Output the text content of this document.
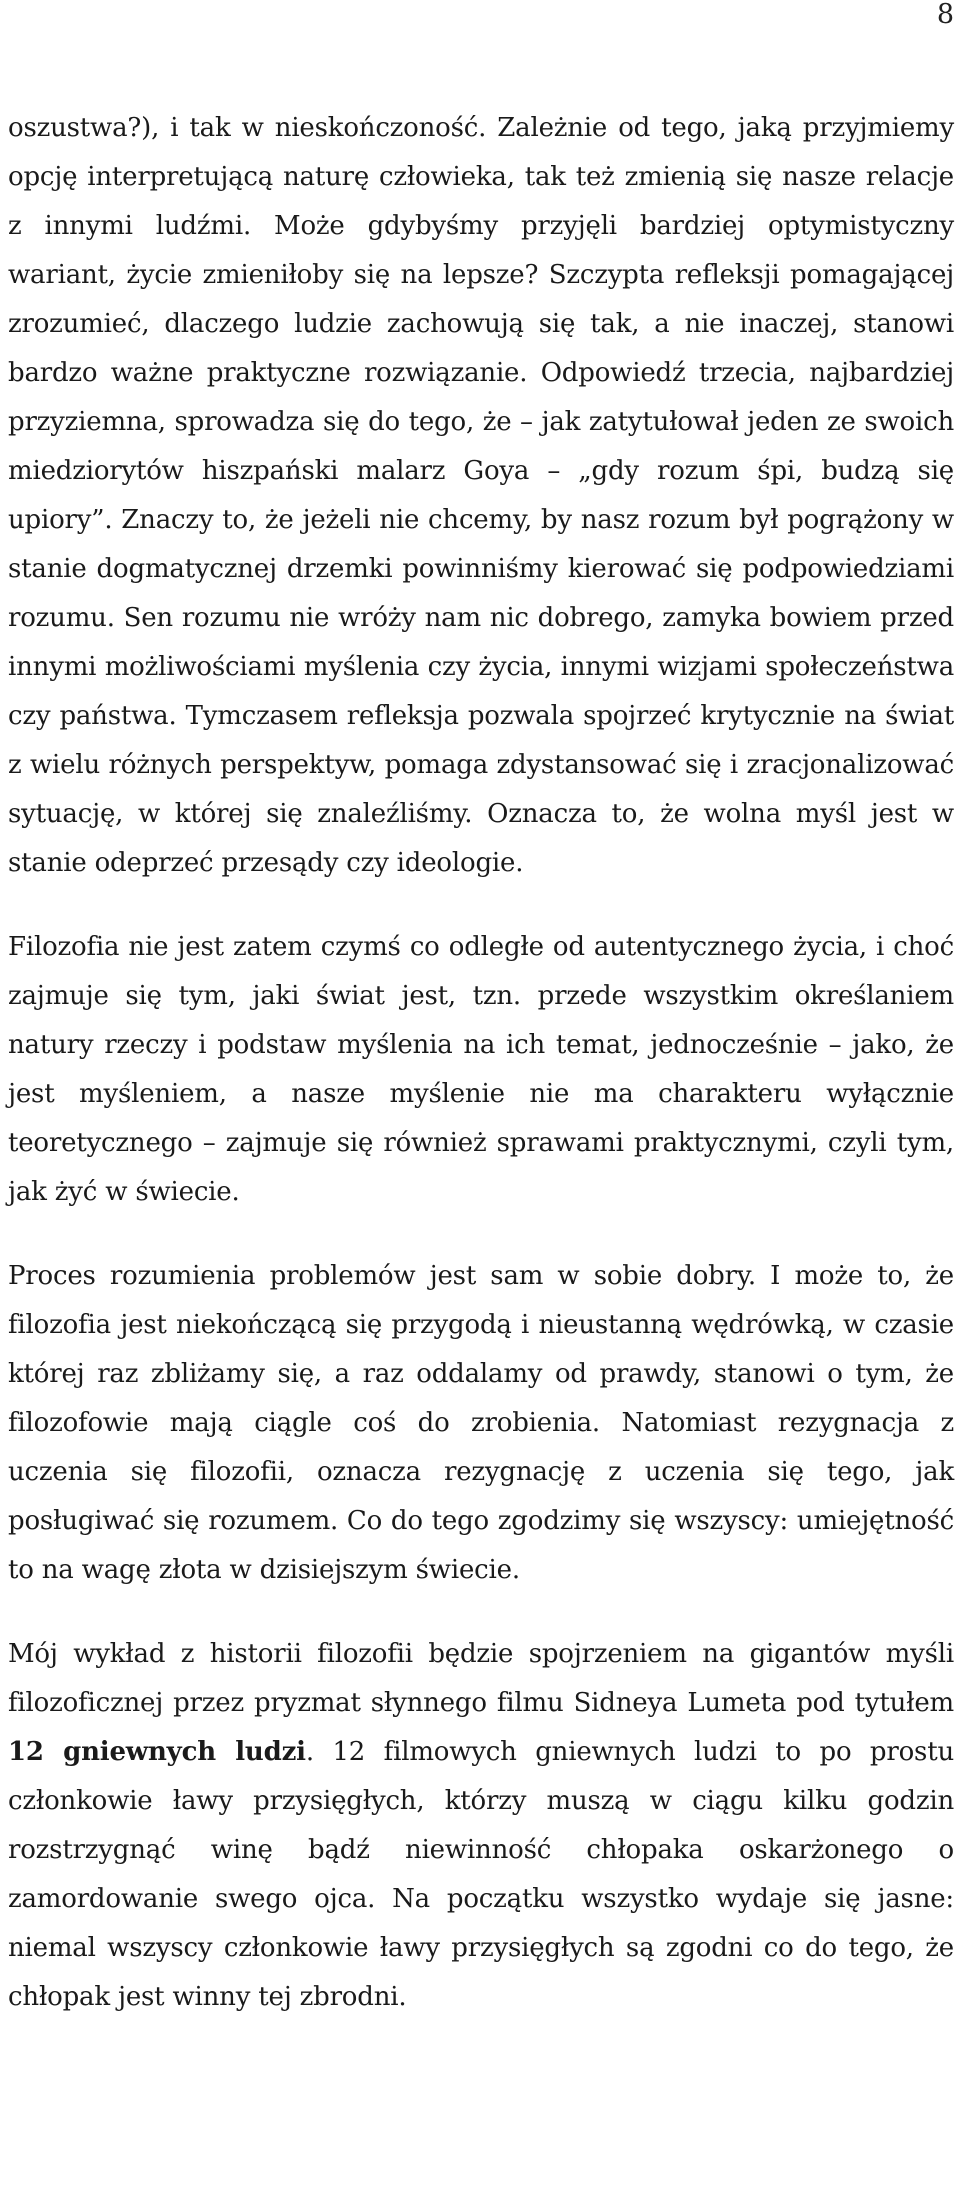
8

oszustwa?), i tak w nieskończoność. Zależnie od tego, jaką przyjmiemy opcję interpretującą naturę człowieka, tak też zmienią się nasze relacje z innymi ludźmi. Może gdybyśmy przyjęli bardziej optymistyczny wariant, życie zmieniłoby się na lepsze? Szczypta refleksji pomagającej zrozumieć, dlaczego ludzie zachowują się tak, a nie inaczej, stanowi bardzo ważne praktyczne rozwiązanie. Odpowiedź trzecia, najbardziej przyziemna, sprowadza się do tego, że – jak zatytułował jeden ze swoich miedziorytów hiszpański malarz Goya – „gdy rozum śpi, budzą się upiory”. Znaczy to, że jeżeli nie chcemy, by nasz rozum był pogrążony w stanie dogmatycznej drzemki powinniśmy kierować się podpowiedziami rozumu. Sen rozumu nie wróży nam nic dobrego, zamyka bowiem przed innymi możliwościami myślenia czy życia, innymi wizjami społeczeństwa czy państwa. Tymczasem refleksja pozwala spojrzeć krytycznie na świat z wielu różnych perspektyw, pomaga zdystansować się i zracjonalizować sytuację, w której się znaleźliśmy. Oznacza to, że wolna myśl jest w stanie odeprzeć przesądy czy ideologie.

Filozofia nie jest zatem czymś co odległe od autentycznego życia, i choć zajmuje się tym, jaki świat jest, tzn. przede wszystkim określaniem natury rzeczy i podstaw myślenia na ich temat, jednocześnie – jako, że jest myśleniem, a nasze myślenie nie ma charakteru wyłącznie teoretycznego – zajmuje się również sprawami praktycznymi, czyli tym, jak żyć w świecie.

Proces rozumienia problemów jest sam w sobie dobry. I może to, że filozofia jest niekończącą się przygodą i nieustanną wędrówką, w czasie której raz zbliżamy się, a raz oddalamy od prawdy, stanowi o tym, że filozofowie mają ciągle coś do zrobienia. Natomiast rezygnacja z uczenia się filozofii, oznacza rezygnację z uczenia się tego, jak posługiwać się rozumem. Co do tego zgodzimy się wszyscy: umiejętność to na wagę złota w dzisiejszym świecie.

Mój wykład z historii filozofii będzie spojrzeniem na gigantów myśli filozoficznej przez pryzmat słynnego filmu Sidneya Lumeta pod tytułem 12 gniewnych ludzi. 12 filmowych gniewnych ludzi to po prostu członkowie ławy przysięgłych, którzy muszą w ciągu kilku godzin rozstrzygnąć winę bądź niewinność chłopaka oskarżonego o zamordowanie swego ojca. Na początku wszystko wydaje się jasne: niemal wszyscy członkowie ławy przysięgłych są zgodni co do tego, że chłopak jest winny tej zbrodni.
